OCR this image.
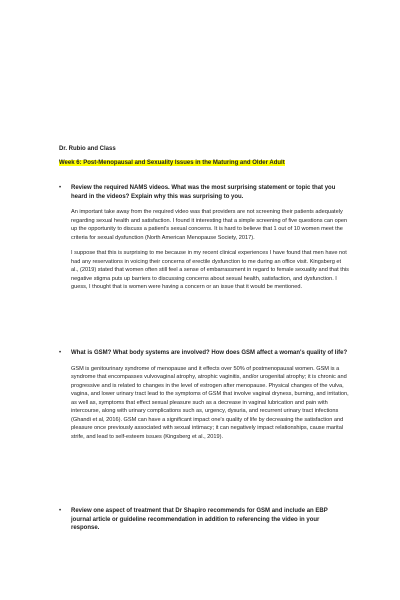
Dr. Rubio and Class
Week 6: Post-Menopausal and Sexuality Issues in the Maturing and Older Adult
• Review the required NAMS videos. What was the most surprising statement or topic that you heard in the videos? Explain why this was surprising to you.
An important take away from the required video was that providers are not screening their patients adequately regarding sexual health and satisfaction. I found it interesting that a simple screening of five questions can open up the opportunity to discuss a patient's sexual concerns. It is hard to believe that 1 out of 10 women meet the criteria for sexual dysfunction (North American Menopause Society, 2017).
I suppose that this is surprising to me because in my recent clinical experiences I have found that men have not had any reservations in voicing their concerns of erectile dysfunction to me during an office visit. Kingsberg et al., (2019) stated that women often still feel a sense of embarrassment in regard to female sexuality and that this negative stigma puts up barriers to discussing concerns about sexual health, satisfaction, and dysfunction. I guess, I thought that is women were having a concern or an issue that it would be mentioned.
• What is GSM? What body systems are involved? How does GSM affect a woman's quality of life?
GSM is genitourinary syndrome of menopause and it effects over 50% of postmenopausal women. GSM is a syndrome that encompasses vulvovaginal atrophy, atrophic vaginitis, and/or urogenital atrophy; it is chronic and progressive and is related to changes in the level of estrogen after menopause. Physical changes of the vulva, vagina, and lower urinary tract lead to the symptoms of GSM that involve vaginal dryness, burning, and irritation, as well as, symptoms that effect sexual pleasure such as a decrease in vaginal lubrication and pain with intercourse, along with urinary complications such as, urgency, dysuria, and recurrent urinary tract infections (Ghandi et al, 2016). GSM can have a significant impact one's quality of life by decreasing the satisfaction and pleasure once previously associated with sexual intimacy; it can negatively impact relationships, cause marital strife, and lead to self-esteem issues (Kingsberg et al., 2019).
• Review one aspect of treatment that Dr Shapiro recommends for GSM and include an EBP journal article or guideline recommendation in addition to referencing the video in your response.
